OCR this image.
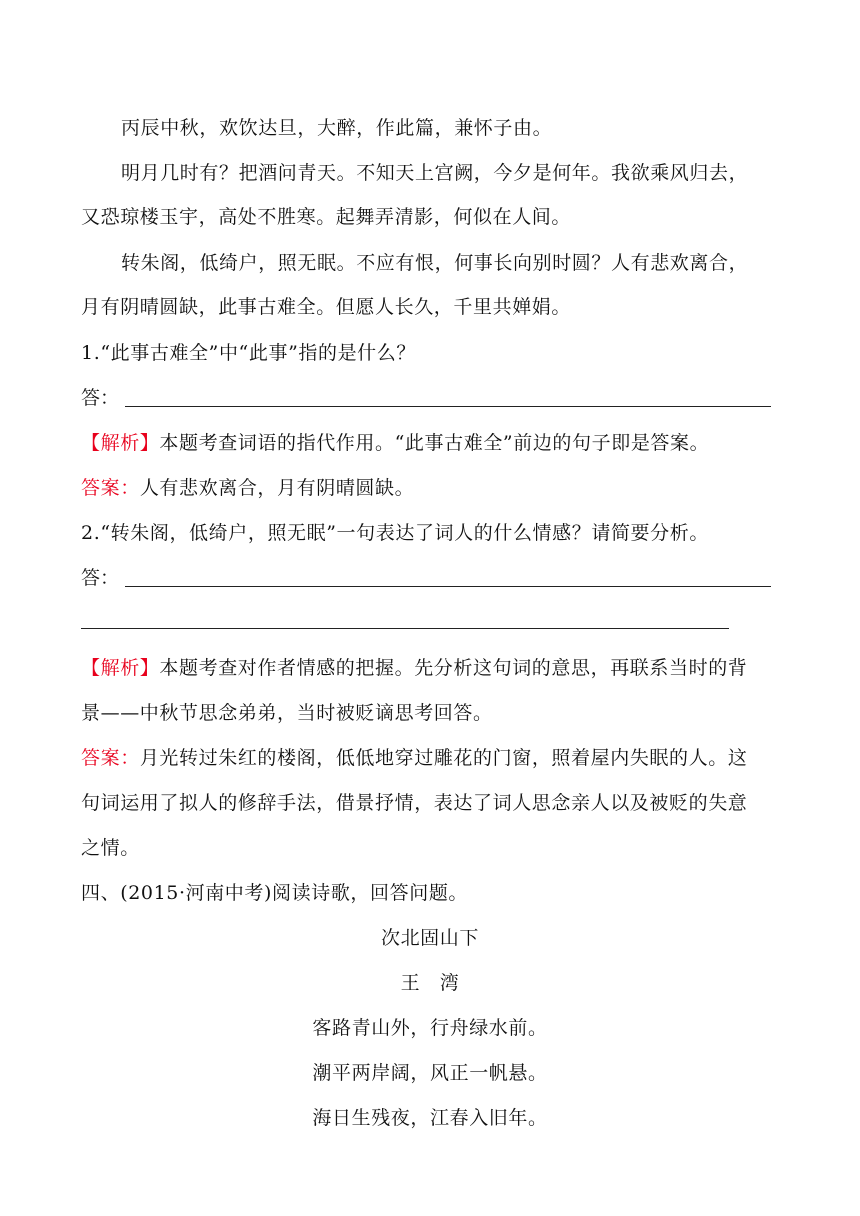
丙辰中秋，欢饮达旦，大醉，作此篇，兼怀子由。
明月几时有？把酒问青天。不知天上宫阙，今夕是何年。我欲乘风归去，
又恐琼楼玉宇，高处不胜寒。起舞弄清影，何似在人间。
转朱阁，低绮户，照无眠。不应有恨，何事长向别时圆？人有悲欢离合，
月有阴晴圆缺，此事古难全。但愿人长久，千里共婵娟。
1.“此事古难全”中“此事”指的是什么？
答：
【解析】本题考查词语的指代作用。“此事古难全”前边的句子即是答案。
答案：人有悲欢离合，月有阴晴圆缺。
2.“转朱阁，低绮户，照无眠”一句表达了词人的什么情感？请简要分析。
答：
【解析】本题考查对作者情感的把握。先分析这句词的意思，再联系当时的背
景——中秋节思念弟弟，当时被贬谪思考回答。
答案：月光转过朱红的楼阁，低低地穿过雕花的门窗，照着屋内失眠的人。这
句词运用了拟人的修辞手法，借景抒情，表达了词人思念亲人以及被贬的失意
之情。
四、(2015·河南中考)阅读诗歌，回答问题。
次北固山下
王　湾
客路青山外，行舟绿水前。
潮平两岸阔，风正一帆悬。
海日生残夜，江春入旧年。
